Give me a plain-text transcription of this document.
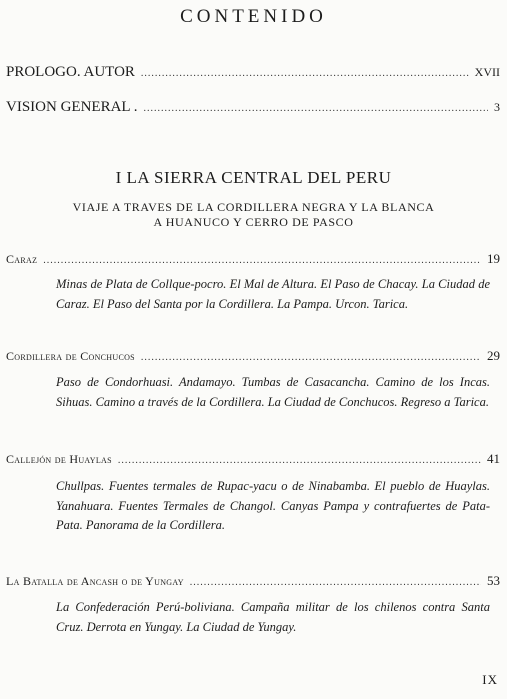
CONTENIDO
PROLOGO. AUTOR .....	XVII
VISION GENERAL . .....	3
I LA SIERRA CENTRAL DEL PERU
VIAJE A TRAVES DE LA CORDILLERA NEGRA Y LA BLANCA
A HUANUCO Y CERRO DE PASCO
Caraz .....	19
Minas de Plata de Collque-pocro. El Mal de Altura. El Paso de Chacay. La Ciudad de Caraz. El Paso del Santa por la Cordillera. La Pampa. Urcon. Tarica.
Cordillera de Conchucos .....	29
Paso de Condorhuasi. Andamayo. Tumbas de Casacancha. Camino de los Incas. Sihuas. Camino a través de la Cordillera. La Ciudad de Conchucos. Regreso a Tarica.
Callejón de Huaylas .....	41
Chullpas. Fuentes termales de Rupac-yacu o de Ninabamba. El pueblo de Huaylas. Yanahuara. Fuentes Termales de Changol. Canyas Pampa y contrafuertes de Pata-Pata. Panorama de la Cordillera.
La Batalla de Ancash o de Yungay .....	53
La Confederación Perú-boliviana. Campaña militar de los chilenos contra Santa Cruz. Derrota en Yungay. La Ciudad de Yungay.
IX
